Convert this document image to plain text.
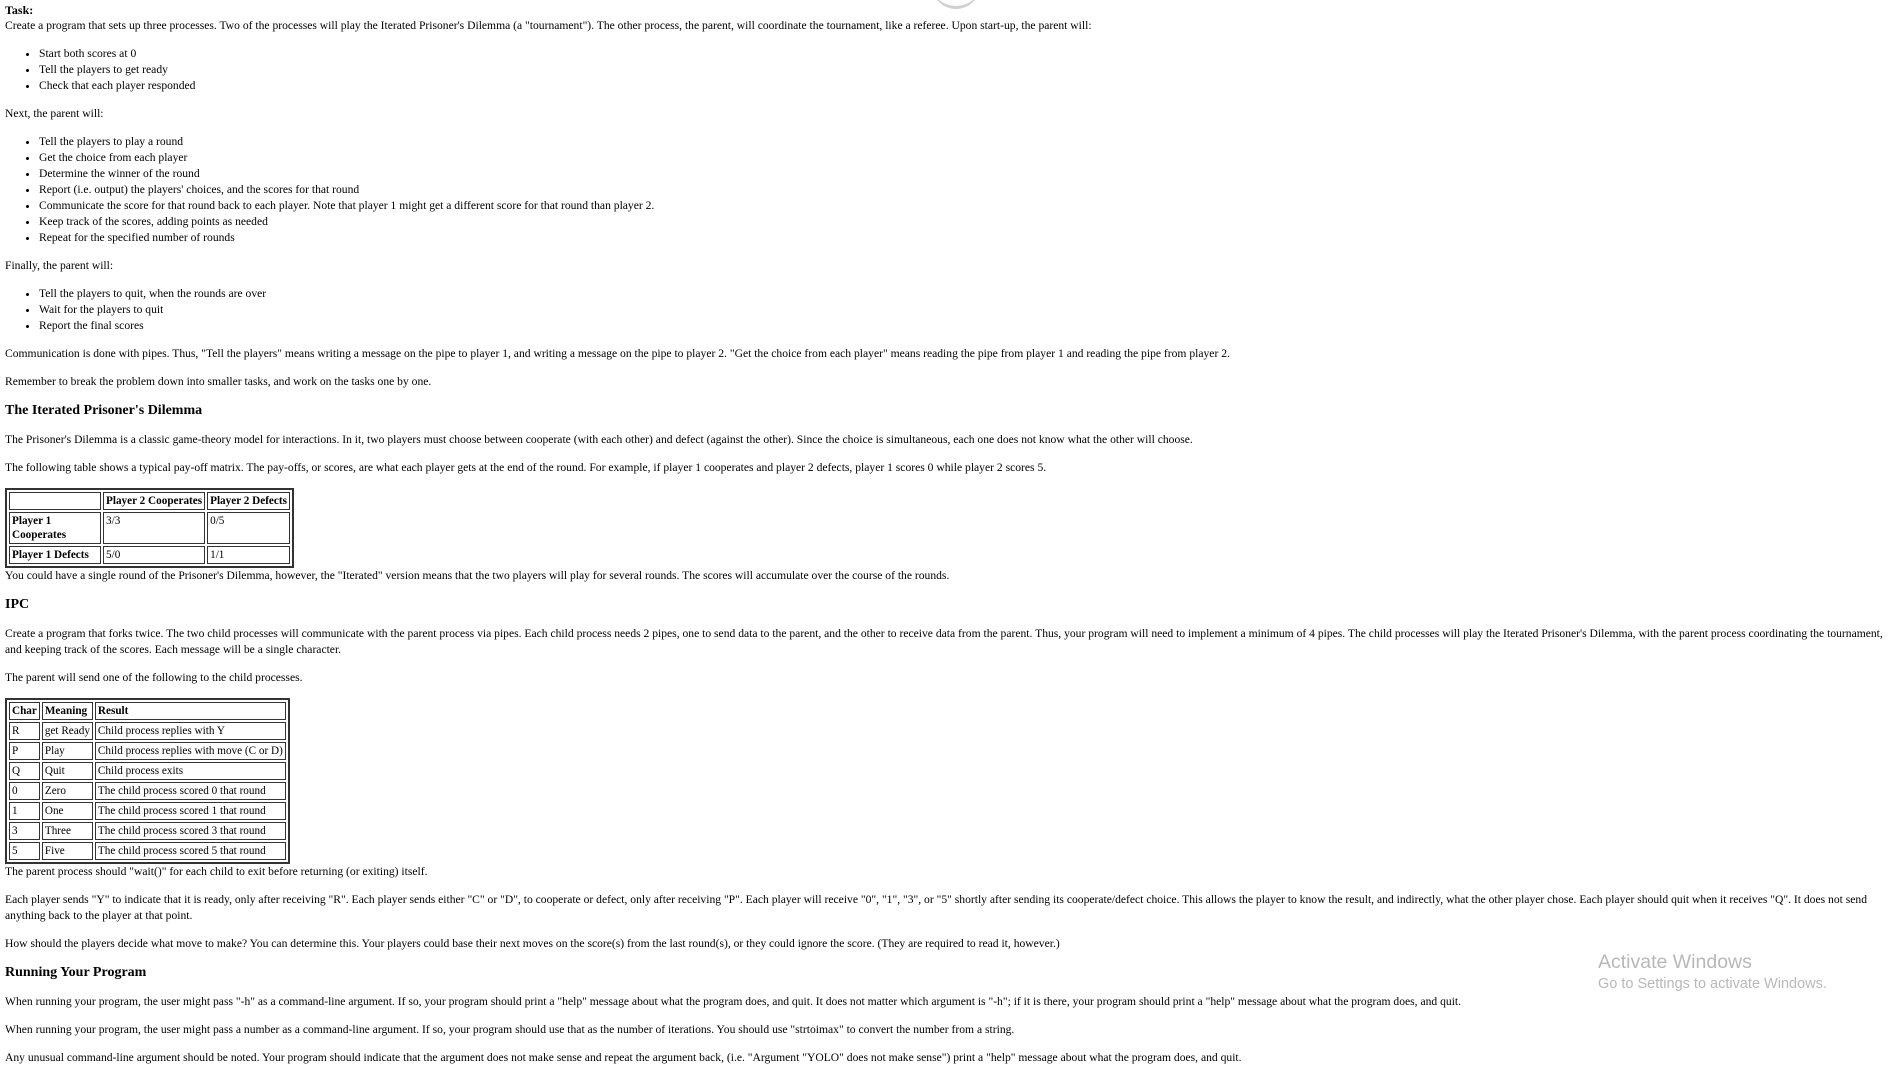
Task:

Create a program that sets up three processes. Two of the processes will play the Iterated Prisoner's Dilemma (a "tournament"). The other process, the parent, will coordinate the tournament, like a referee. Upon start-up, the parent will:

• Start both scores at 0
• Tell the players to get ready
• Check that each player responded

Next, the parent will:

• Tell the players to play a round
• Get the choice from each player
• Determine the winner of the round
• Report (i.e. output) the players' choices, and the scores for that round
• Communicate the score for that round back to each player. Note that player 1 might get a different score for that round than player 2.
• Keep track of the scores, adding points as needed
• Repeat for the specified number of rounds

Finally, the parent will:

• Tell the players to quit, when the rounds are over
• Wait for the players to quit
• Report the final scores

Communication is done with pipes. Thus, "Tell the players" means writing a message on the pipe to player 1, and writing a message on the pipe to player 2. "Get the choice from each player" means reading the pipe from player 1 and reading the pipe from player 2.

Remember to break the problem down into smaller tasks, and work on the tasks one by one.

The Iterated Prisoner's Dilemma

The Prisoner's Dilemma is a classic game-theory model for interactions. In it, two players must choose between cooperate (with each other) and defect (against the other). Since the choice is simultaneous, each one does not know what the other will choose.

The following table shows a typical pay-off matrix. The pay-offs, or scores, are what each player gets at the end of the round. For example, if player 1 cooperates and player 2 defects, player 1 scores 0 while player 2 scores 5.

	Player 2 Cooperates	Player 2 Defects
Player 1 Cooperates	3/3	0/5
Player 1 Defects	5/0	1/1

You could have a single round of the Prisoner's Dilemma, however, the "Iterated" version means that the two players will play for several rounds. The scores will accumulate over the course of the rounds.

IPC

Create a program that forks twice. The two child processes will communicate with the parent process via pipes. Each child process needs 2 pipes, one to send data to the parent, and the other to receive data from the parent. Thus, your program will need to implement a minimum of 4 pipes. The child processes will play the Iterated Prisoner's Dilemma, with the parent process coordinating the tournament, and keeping track of the scores. Each message will be a single character.

The parent will send one of the following to the child processes.

Char	Meaning	Result
R	get Ready	Child process replies with Y
P	Play	Child process replies with move (C or D)
Q	Quit	Child process exits
0	Zero	The child process scored 0 that round
1	One	The child process scored 1 that round
3	Three	The child process scored 3 that round
5	Five	The child process scored 5 that round

The parent process should "wait()" for each child to exit before returning (or exiting) itself.

Each player sends "Y" to indicate that it is ready, only after receiving "R". Each player sends either "C" or "D", to cooperate or defect, only after receiving "P". Each player will receive "0", "1", "3", or "5" shortly after sending its cooperate/defect choice. This allows the player to know the result, and indirectly, what the other player chose. Each player should quit when it receives "Q". It does not send anything back to the player at that point.

How should the players decide what move to make? You can determine this. Your players could base their next moves on the score(s) from the last round(s), or they could ignore the score. (They are required to read it, however.)

Running Your Program

When running your program, the user might pass "-h" as a command-line argument. If so, your program should print a "help" message about what the program does, and quit. It does not matter which argument is "-h"; if it is there, your program should print a "help" message about what the program does, and quit.

When running your program, the user might pass a number as a command-line argument. If so, your program should use that as the number of iterations. You should use "strtoimax" to convert the number from a string.

Any unusual command-line argument should be noted. Your program should indicate that the argument does not make sense and repeat the argument back, (i.e. "Argument "YOLO" does not make sense") print a "help" message about what the program does, and quit.

Activate Windows
Go to Settings to activate Windows.
